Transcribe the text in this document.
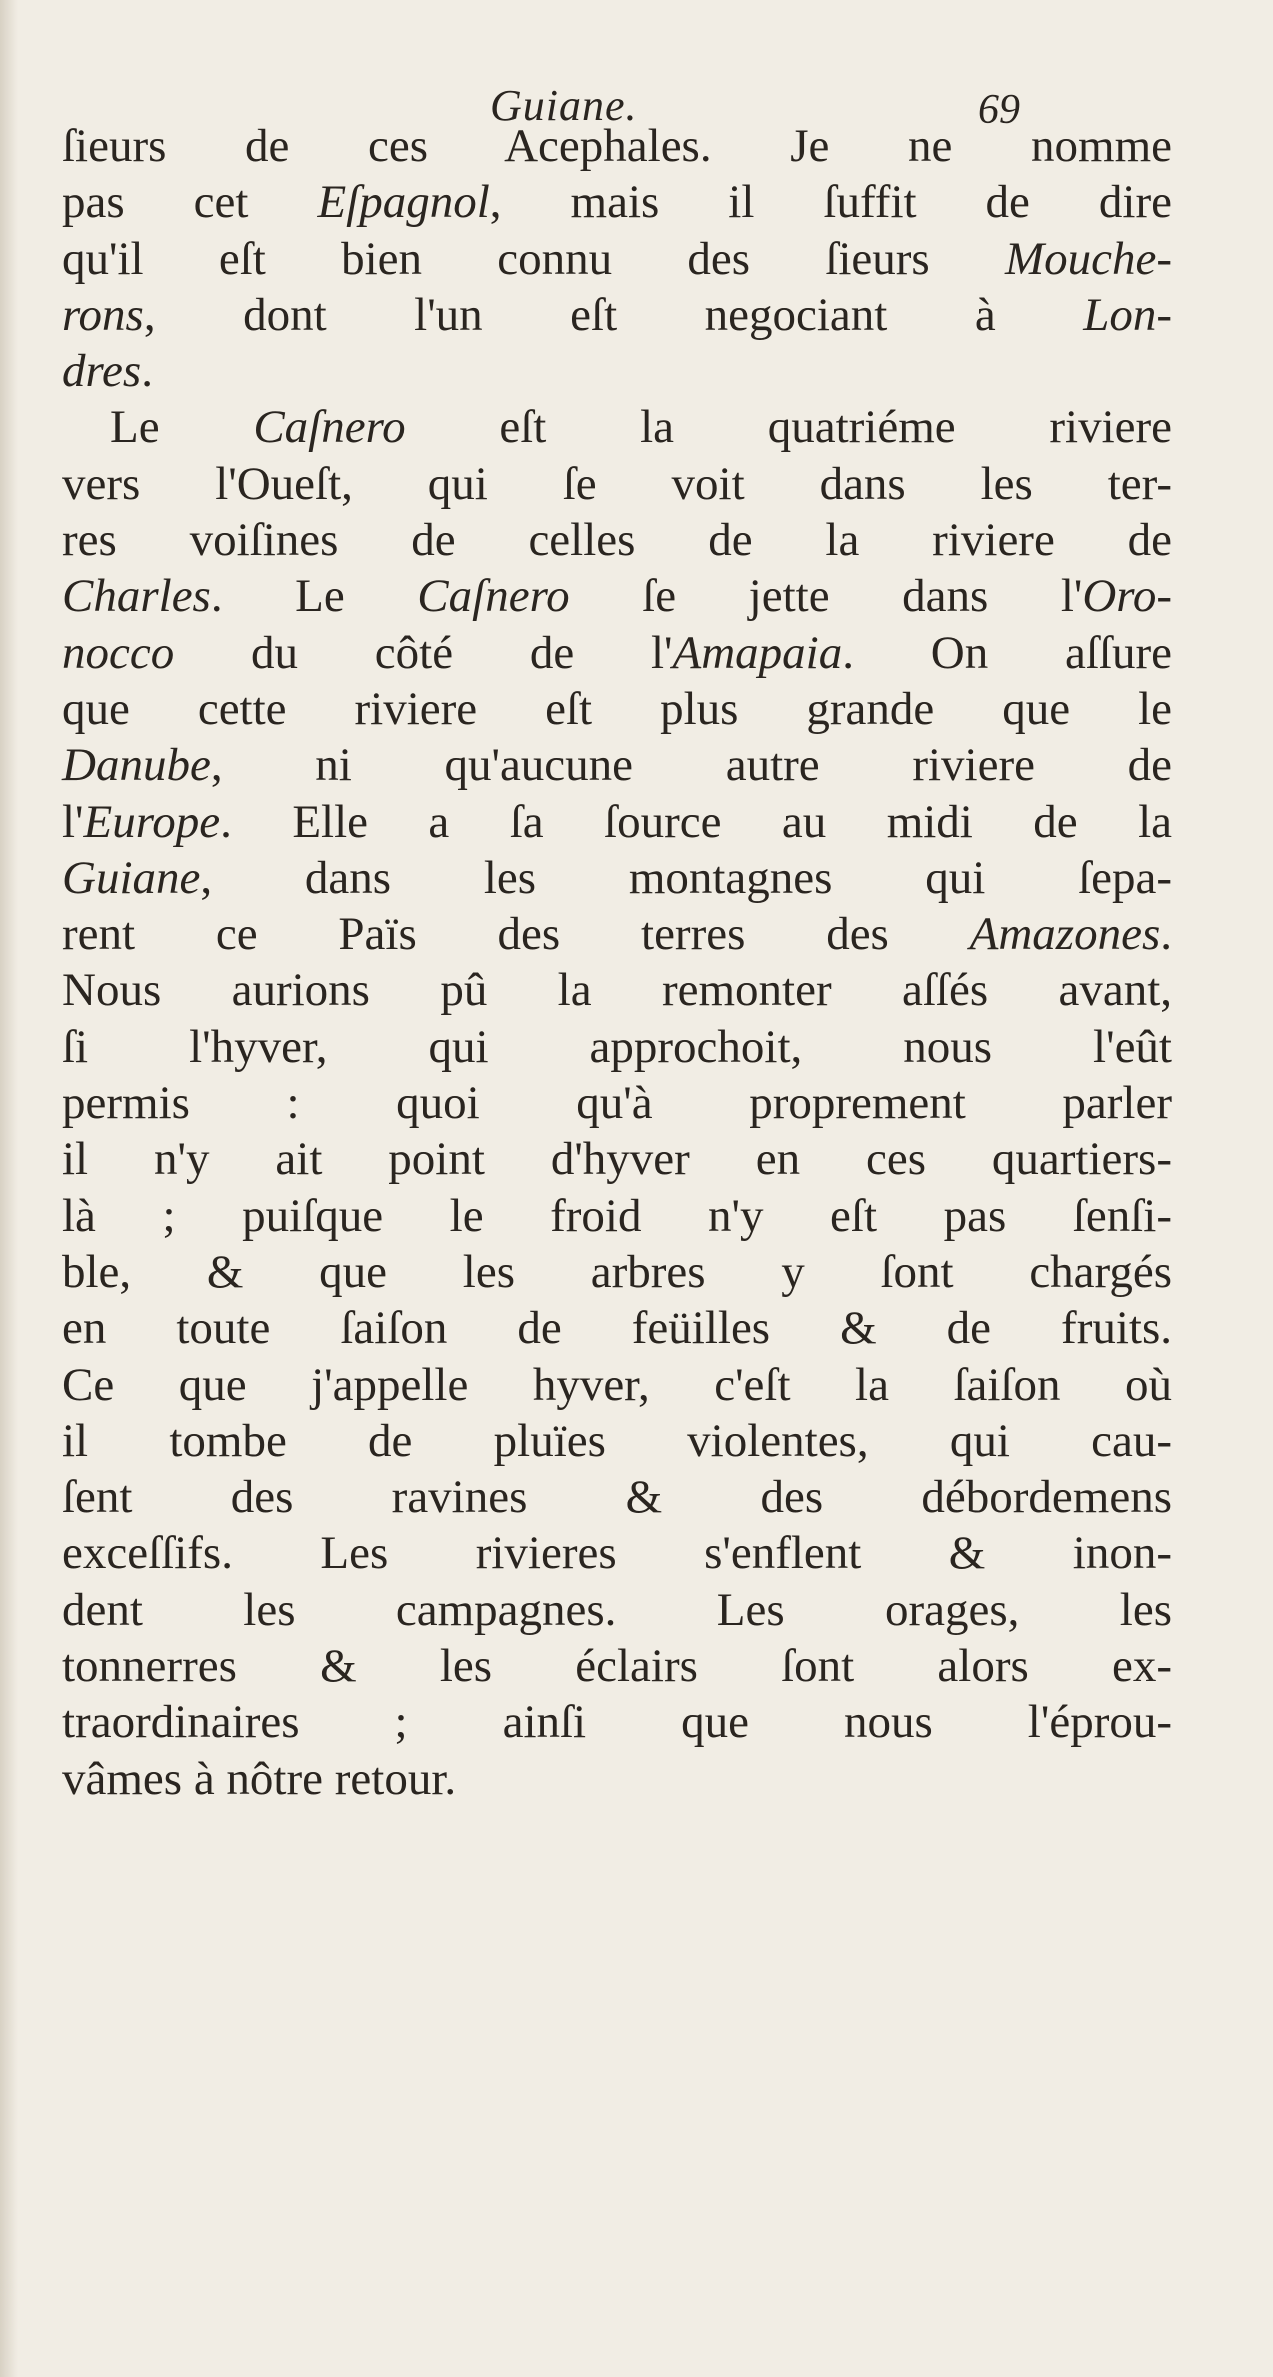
Guiane.	69
ſieurs de ces Acephales. Je ne nomme
pas cet Eſpagnol, mais il ſuffit de dire
qu'il eſt bien connu des ſieurs Mouche-
rons, dont l'un eſt negociant à Lon-
dres.
Le Caſnero eſt la quatriéme riviere
vers l'Oueſt, qui ſe voit dans les ter-
res voiſines de celles de la riviere de
Charles. Le Caſnero ſe jette dans l'Oro-
nocco du côté de l'Amapaia. On aſſure
que cette riviere eſt plus grande que le
Danube, ni qu'aucune autre riviere de
l'Europe. Elle a ſa ſource au midi de la
Guiane, dans les montagnes qui ſepa-
rent ce Païs des terres des Amazones.
Nous aurions pû la remonter aſſés avant,
ſi l'hyver, qui approchoit, nous l'eût
permis : quoi qu'à proprement parler
il n'y ait point d'hyver en ces quartiers-
là ; puiſque le froid n'y eſt pas ſenſi-
ble, & que les arbres y ſont chargés
en toute ſaiſon de feüilles & de fruits.
Ce que j'appelle hyver, c'eſt la ſaiſon où
il tombe de pluïes violentes, qui cau-
ſent des ravines & des débordemens
exceſſifs. Les rivieres s'enflent & inon-
dent les campagnes. Les orages, les
tonnerres & les éclairs ſont alors ex-
traordinaires ; ainſi que nous l'éprou-
vâmes à nôtre retour.
